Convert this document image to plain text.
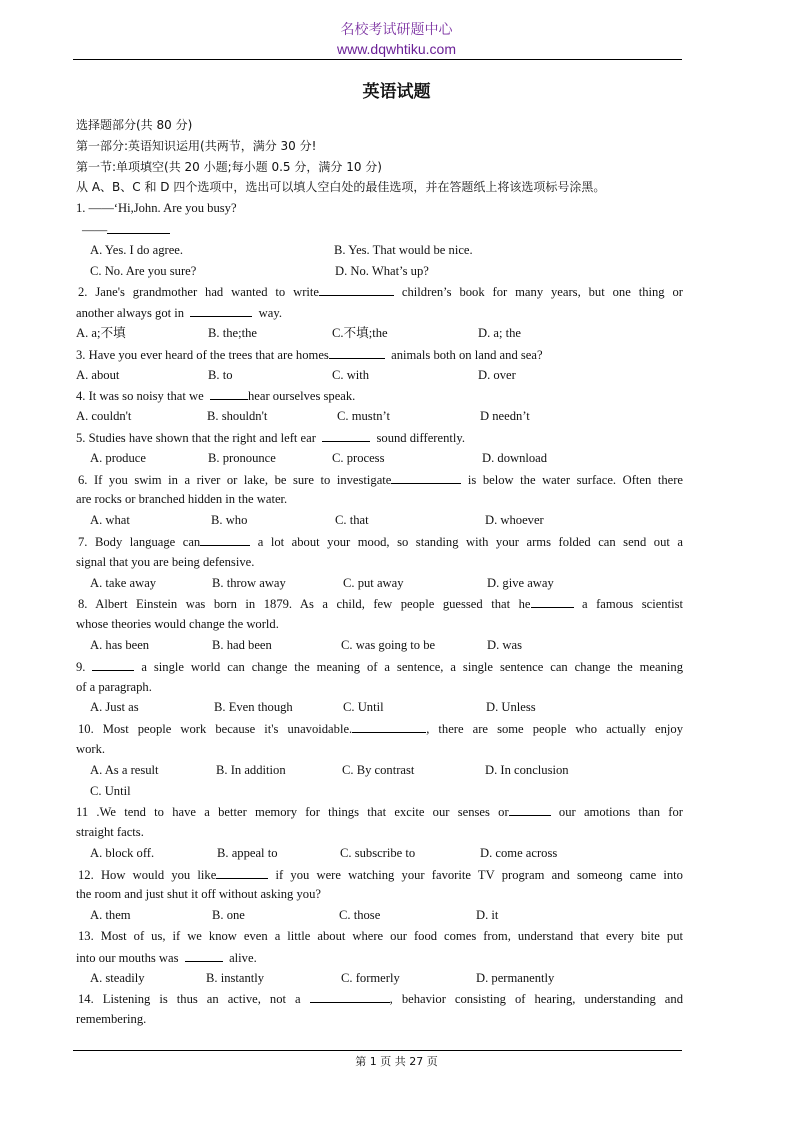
名校考试研题中心
www.dqwhtiku.com
英语试题
选择题部分(共 80 分)
第一部分:英语知识运用(共两节，满分 30 分!
第一节:单项填空(共 20 小题;每小题 0.5 分，满分 10 分)
从 A、B、C 和 D 四个选项中，选出可以填人空白处的最佳选项，并在答题纸上将该选项标号涂黑。
1. ——‘Hi,John. Are you busy?
——
A. Yes. I do agree.	B. Yes. That would be nice.
C. No. Are you sure?	D. No. What’s up?
2. Jane's grandmother had wanted to write	children’s book for many years, but one thing or
another always got in	way.
A. a;不填	B. the;the	C.不填;the	D. a; the
3. Have you ever heard of the trees that are homes	animals both on land and sea?
A. about	B. to	C. with	D. over
4. It was so noisy that we	hear ourselves speak.
A. couldn't	B. shouldn't	C. mustn’t	D needn’t
5. Studies have shown that the right and left ear	sound differently.
A. produce	B. pronounce	C. process	D. download
6. If you swim in a river or lake, be sure to investigate	is below the water surface. Often there
are rocks or branched hidden in the water.
A. what	B. who	C. that	D. whoever
7. Body language can	a lot about your mood, so standing with your arms folded can send out a
signal that you are being defensive.
A. take away	B. throw away	C. put away	D. give away
8. Albert Einstein was born in 1879. As a child, few people guessed that he	a famous scientist
whose theories would change the world.
A. has been	B. had been	C. was going to be	D. was
9.	a single world can change the meaning of a sentence, a single sentence can change the meaning
of a paragraph.
A. Just as	B. Even though	C. Until	D. Unless
10. Most people work because it's unavoidable.	, there are some people who actually enjoy
work.
A. As a result	B. In addition	C. By contrast	D. In conclusion
C. Until
11 .We tend to have a better memory for things that excite our senses or	our amotions than for
straight facts.
A. block off.	B. appeal to	C. subscribe to	D. come across
12. How would you like	if you were watching your favorite TV program and someong came into
the room and just shut it off without asking you?
A. them	B. one	C. those	D. it
13. Most of us, if we know even a little about where our food comes from, understand that every bite put
into our mouths was	alive.
A. steadily	B. instantly	C. formerly	D. permanently
14. Listening is thus an active, not a	, behavior consisting of hearing, understanding and
remembering.
第 1 页 共 27 页
